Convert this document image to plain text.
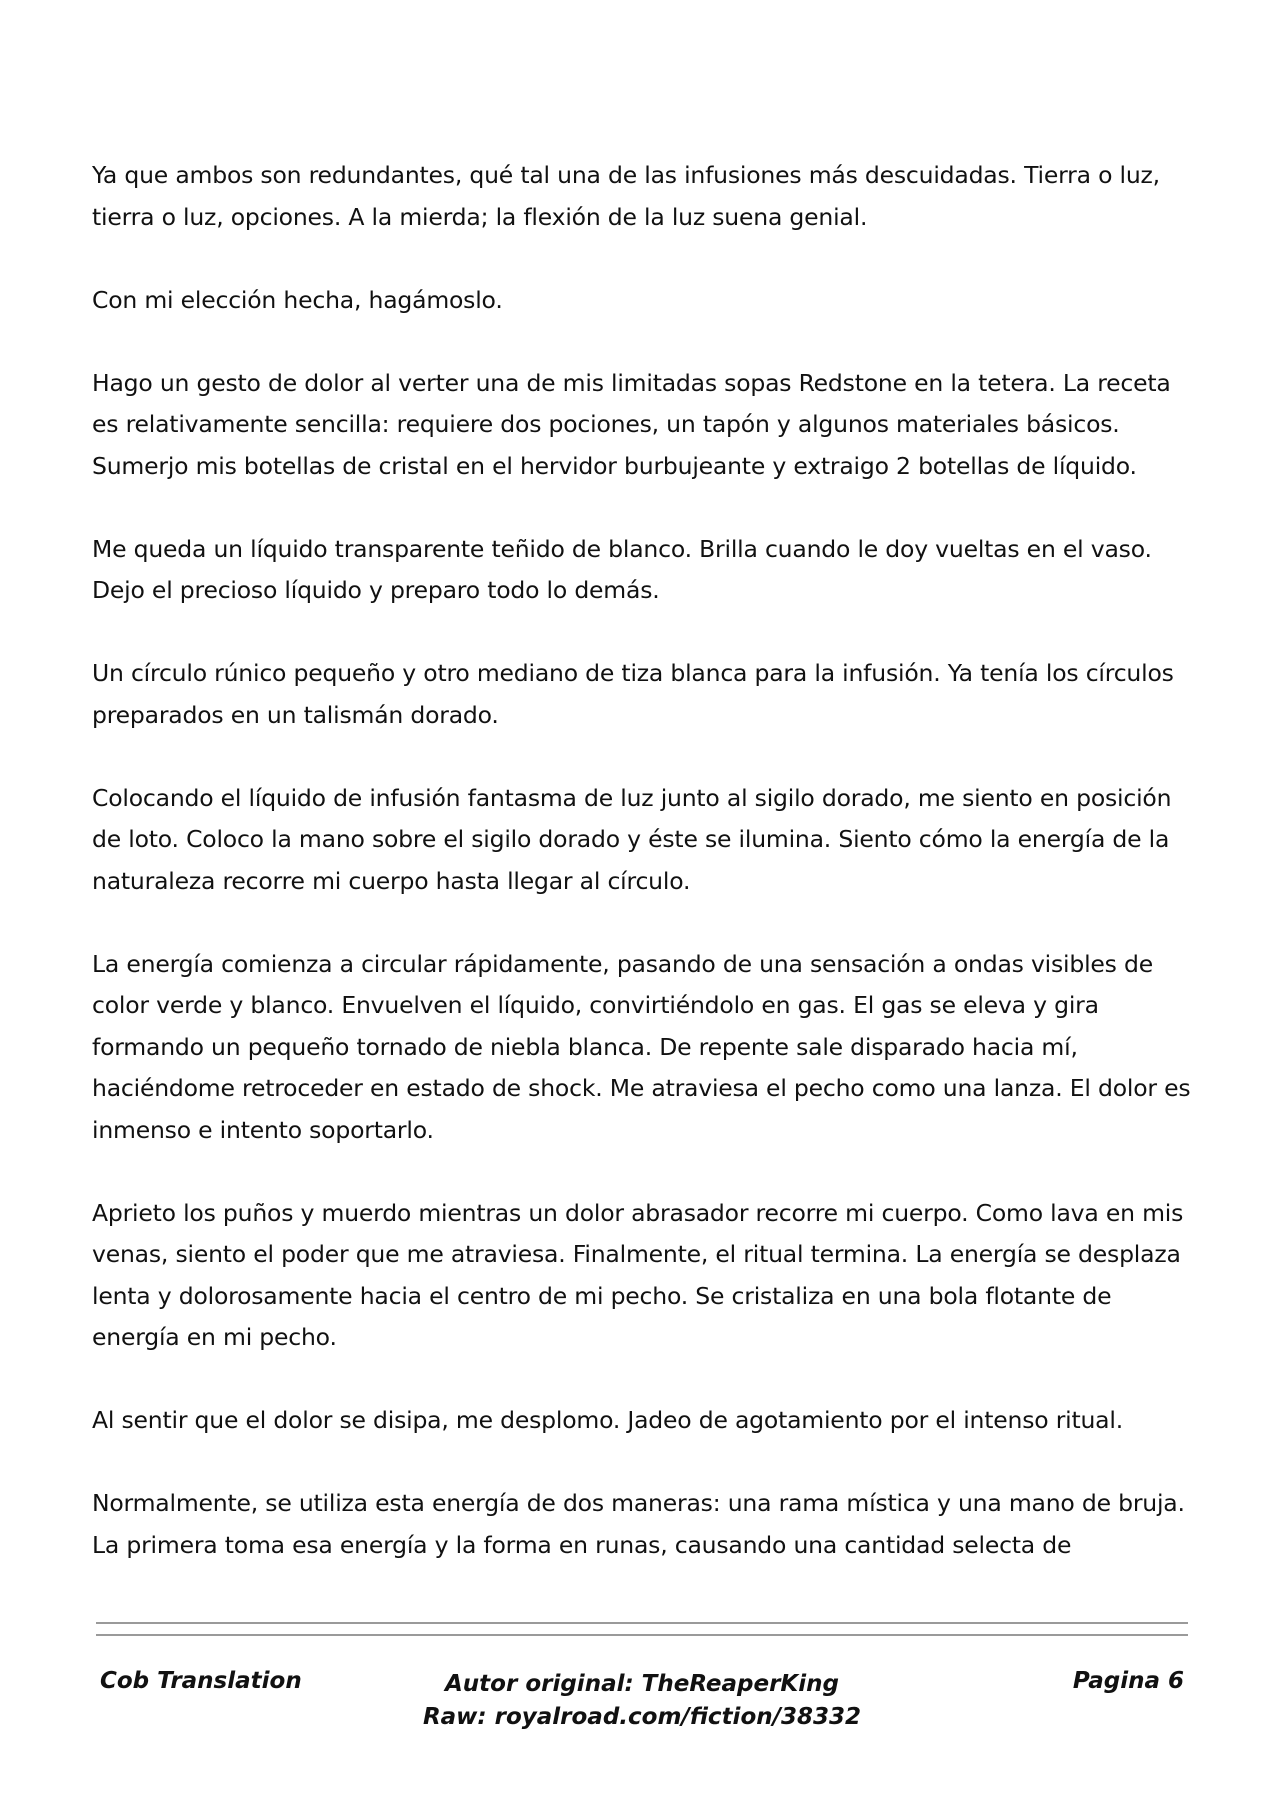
Ya que ambos son redundantes, qué tal una de las infusiones más descuidadas. Tierra o luz, tierra o luz, opciones. A la mierda; la flexión de la luz suena genial.

Con mi elección hecha, hagámoslo.

Hago un gesto de dolor al verter una de mis limitadas sopas Redstone en la tetera. La receta es relativamente sencilla: requiere dos pociones, un tapón y algunos materiales básicos. Sumerjo mis botellas de cristal en el hervidor burbujeante y extraigo 2 botellas de líquido.

Me queda un líquido transparente teñido de blanco. Brilla cuando le doy vueltas en el vaso. Dejo el precioso líquido y preparo todo lo demás.

Un círculo rúnico pequeño y otro mediano de tiza blanca para la infusión. Ya tenía los círculos preparados en un talismán dorado.

Colocando el líquido de infusión fantasma de luz junto al sigilo dorado, me siento en posición de loto. Coloco la mano sobre el sigilo dorado y éste se ilumina. Siento cómo la energía de la naturaleza recorre mi cuerpo hasta llegar al círculo.

La energía comienza a circular rápidamente, pasando de una sensación a ondas visibles de color verde y blanco. Envuelven el líquido, convirtiéndolo en gas. El gas se eleva y gira formando un pequeño tornado de niebla blanca. De repente sale disparado hacia mí, haciéndome retroceder en estado de shock. Me atraviesa el pecho como una lanza. El dolor es inmenso e intento soportarlo.

Aprieto los puños y muerdo mientras un dolor abrasador recorre mi cuerpo. Como lava en mis venas, siento el poder que me atraviesa. Finalmente, el ritual termina. La energía se desplaza lenta y dolorosamente hacia el centro de mi pecho. Se cristaliza en una bola flotante de energía en mi pecho.

Al sentir que el dolor se disipa, me desplomo. Jadeo de agotamiento por el intenso ritual.

Normalmente, se utiliza esta energía de dos maneras: una rama mística y una mano de bruja. La primera toma esa energía y la forma en runas, causando una cantidad selecta de

Cob Translation	Autor original: TheReaperKing
Raw: royalroad.com/fiction/38332
Pagina 6
